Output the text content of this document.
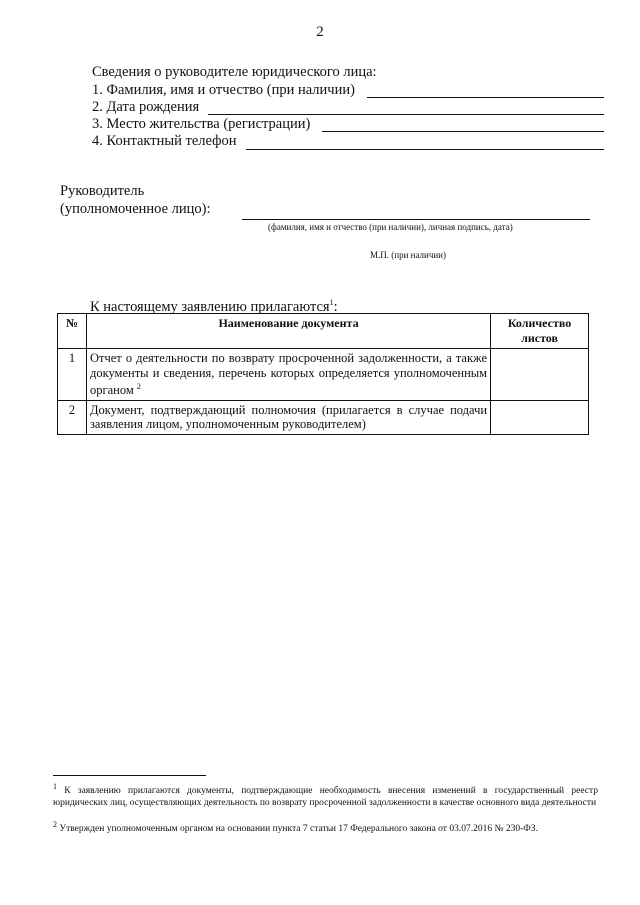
2
Сведения о руководителе юридического лица:
1. Фамилия, имя и отчество (при наличии)
2. Дата рождения
3. Место жительства (регистрации)
4. Контактный телефон
Руководитель
(уполномоченное лицо):
(фамилия, имя и отчество (при наличии), личная подпись, дата)
М.П. (при наличии)
К настоящему заявлению прилагаются$^1$:
№	Наименование документа	Количество листов
1	Отчет о деятельности по возврату просроченной задолженности, а также документы и сведения, перечень которых определяется уполномоченным органом $^2$	
2	Документ, подтверждающий полномочия (прилагается в случае подачи заявления лицом, уполномоченным руководителем)	
$^1$ К заявлению прилагаются документы, подтверждающие необходимость внесения изменений в государственный реестр юридических лиц, осуществляющих деятельность по возврату просроченной задолженности в качестве основного вида деятельности
$^2$ Утвержден уполномоченным органом на основании пункта 7 статьи 17 Федерального закона от 03.07.2016 № 230-ФЗ.
